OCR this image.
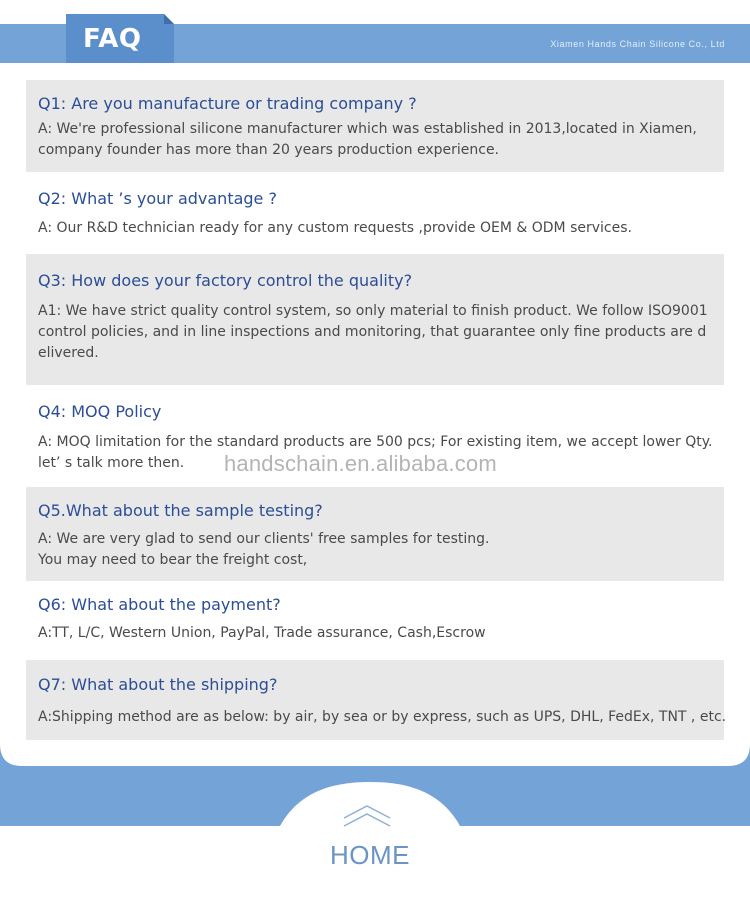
FAQ	Xiamen Hands Chain Silicone Co., Ltd

Q1: Are you manufacture or trading company ?

A: We're professional silicone manufacturer which was established in 2013,located in Xiamen,

company founder has more than 20 years production experience.

Q2: What ’s your advantage ?

A: Our R&D technician ready for any custom requests ,provide OEM & ODM services.

Q3: How does your factory control the quality?

A1: We have strict quality control system, so only material to finish product. We follow ISO9001

control policies, and in line inspections and monitoring, that guarantee only fine products are d

elivered.

Q4: MOQ Policy

A: MOQ limitation for the standard products are 500 pcs; For existing item, we accept lower Qty.

let’ s talk more then.

Q5.What about the sample testing?

A: We are very glad to send our clients' free samples for testing.

You may need to bear the freight cost,

Q6: What about the payment?

A:TT, L/C, Western Union, PayPal, Trade assurance, Cash,Escrow

Q7: What about the shipping?

A:Shipping method are as below: by air, by sea or by express, such as UPS, DHL, FedEx, TNT , etc.

handschain.en.alibaba.com
HOME
